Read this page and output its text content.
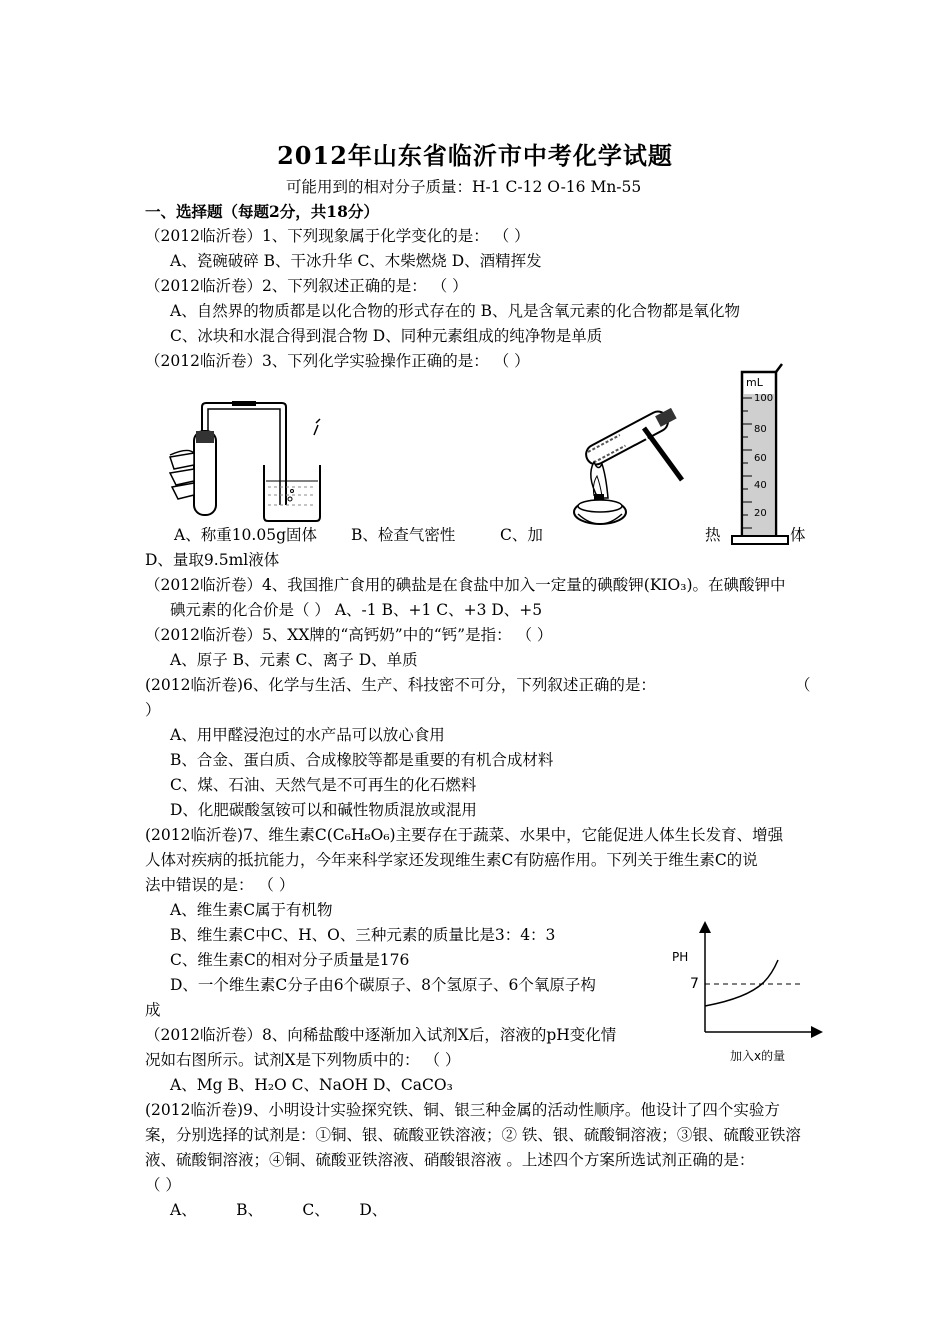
2012年山东省临沂市中考化学试题
可能用到的相对分子质量：H-1 C-12 O-16 Mn-55
一、选择题（每题2分，共18分）
（2012临沂卷）1、下列现象属于化学变化的是： （ ）
A、瓷碗破碎 B、干冰升华 C、木柴燃烧 D、酒精挥发
（2012临沂卷）2、下列叙述正确的是： （ ）
A、自然界的物质都是以化合物的形式存在的 B、凡是含氧元素的化合物都是氧化物
C、冰块和水混合得到混合物 D、同种元素组成的纯净物是单质
（2012临沂卷）3、下列化学实验操作正确的是： （ ）
mL
100
80
60
40
20
A、称重10.05g固体 B、检查气密性	C、加	热	体
D、量取9.5ml液体
（2012临沂卷）4、我国推广食用的碘盐是在食盐中加入一定量的碘酸钾(KIO₃)。在碘酸钾中
碘元素的化合价是（ ） A、-1 B、+1 C、+3 D、+5
（2012临沂卷）5、XX牌的“高钙奶”中的“钙”是指： （ ）
A、原子 B、元素 C、离子 D、单质
(2012临沂卷)6、化学与生活、生产、科技密不可分，下列叙述正确的是：	（
）
A、用甲醛浸泡过的水产品可以放心食用
B、合金、蛋白质、合成橡胶等都是重要的有机合成材料
C、煤、石油、天然气是不可再生的化石燃料
D、化肥碳酸氢铵可以和碱性物质混放或混用
(2012临沂卷)7、维生素C(C₆H₈O₆)主要存在于蔬菜、水果中，它能促进人体生长发育、增强
人体对疾病的抵抗能力，今年来科学家还发现维生素C有防癌作用。下列关于维生素C的说
法中错误的是： （ ）
A、维生素C属于有机物
B、维生素C中C、H、O、三种元素的质量比是3：4：3
C、维生素C的相对分子质量是176
D、一个维生素C分子由6个碳原子、8个氢原子、6个氧原子构
成
PH
7
加入x的量
（2012临沂卷）8、向稀盐酸中逐渐加入试剂X后，溶液的pH变化情
况如右图所示。试剂X是下列物质中的： （ ）
A、Mg B、H₂O C、NaOH D、CaCO₃
(2012临沂卷)9、小明设计实验探究铁、铜、银三种金属的活动性顺序。他设计了四个实验方
案，分别选择的试剂是：①铜、银、硫酸亚铁溶液；② 铁、银、硫酸铜溶液；③银、硫酸亚铁溶
液、硫酸铜溶液；④铜、硫酸亚铁溶液、硝酸银溶液 。上述四个方案所选试剂正确的是：
（ ）
A、        B、        C、      D、
